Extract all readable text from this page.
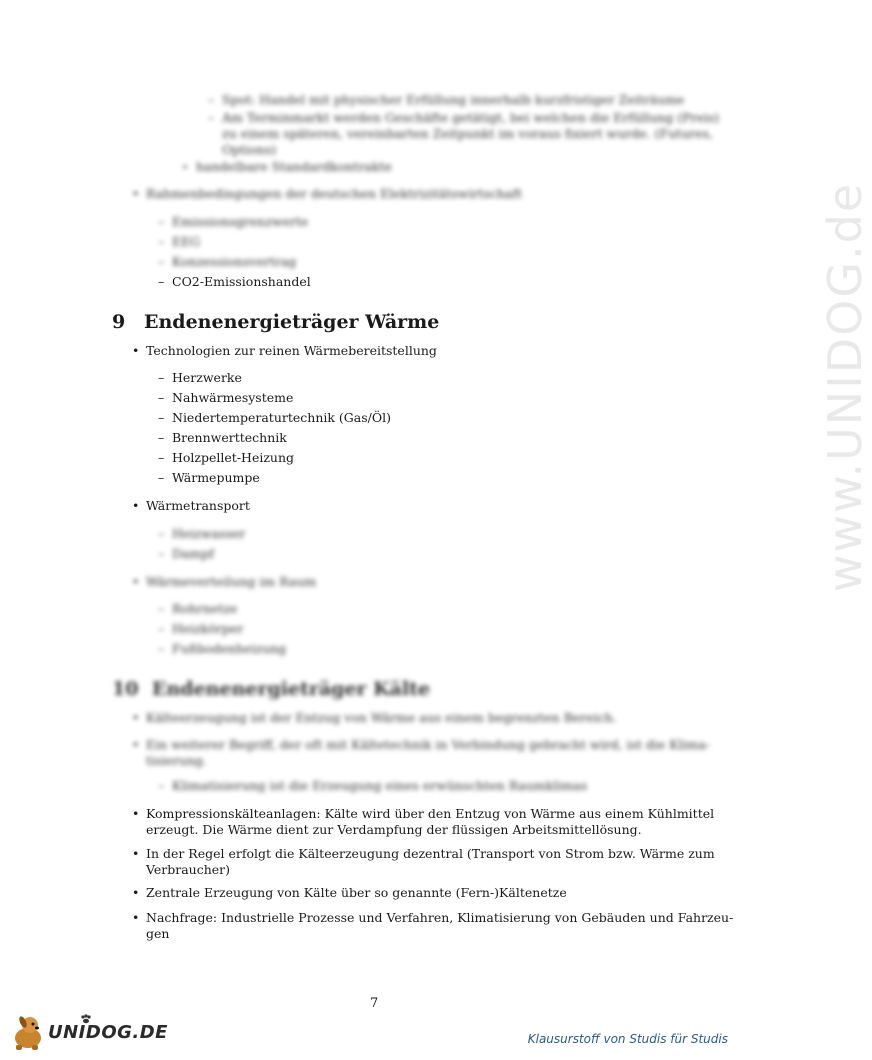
www.UNIDOG.de
– Spot: Handel mit physischer Erfüllung innerhalb kurzfristiger Zeiträume
– Am Terminmarkt werden Geschäfte getätigt, bei welchen die Erfüllung (Preis)
zu einem späteren, vereinbarten Zeitpunkt im voraus fixiert wurde. (Futures,
Options)
• handelbare Standardkontrakte
• Rahmenbedingungen der deutschen Elektrizitätswirtschaft
– Emissionsgrenzwerte
– EEG
– Konzessionsvertrag
– CO2-Emissionshandel
9 Endenenergieträger Wärme
• Technologien zur reinen Wärmebereitstellung
– Herzwerke
– Nahwärmesysteme
– Niedertemperaturtechnik (Gas/Öl)
– Brennwerttechnik
– Holzpellet-Heizung
– Wärmepumpe
• Wärmetransport
– Heizwasser
– Dampf
• Wärmeverteilung im Raum
– Rohrnetze
– Heizkörper
– Fußbodenheizung
10 Endenenergieträger Kälte
• Kälteerzeugung ist der Entzug von Wärme aus einem begrenzten Bereich.
• Ein weiterer Begriff, der oft mit Kältetechnik in Verbindung gebracht wird, ist die Klima-
tisierung.
– Klimatisierung ist die Erzeugung eines erwünschten Raumklimas
• Kompressionskälteanlagen: Kälte wird über den Entzug von Wärme aus einem Kühlmittel
erzeugt. Die Wärme dient zur Verdampfung der flüssigen Arbeitsmittellösung.
• In der Regel erfolgt die Kälteerzeugung dezentral (Transport von Strom bzw. Wärme zum
Verbraucher)
• Zentrale Erzeugung von Kälte über so genannte (Fern-)Kältenetze
• Nachfrage: Industrielle Prozesse und Verfahren, Klimatisierung von Gebäuden und Fahrzeu-
gen
7
UNIDOG.DE	Klausurstoff von Studis für Studis
